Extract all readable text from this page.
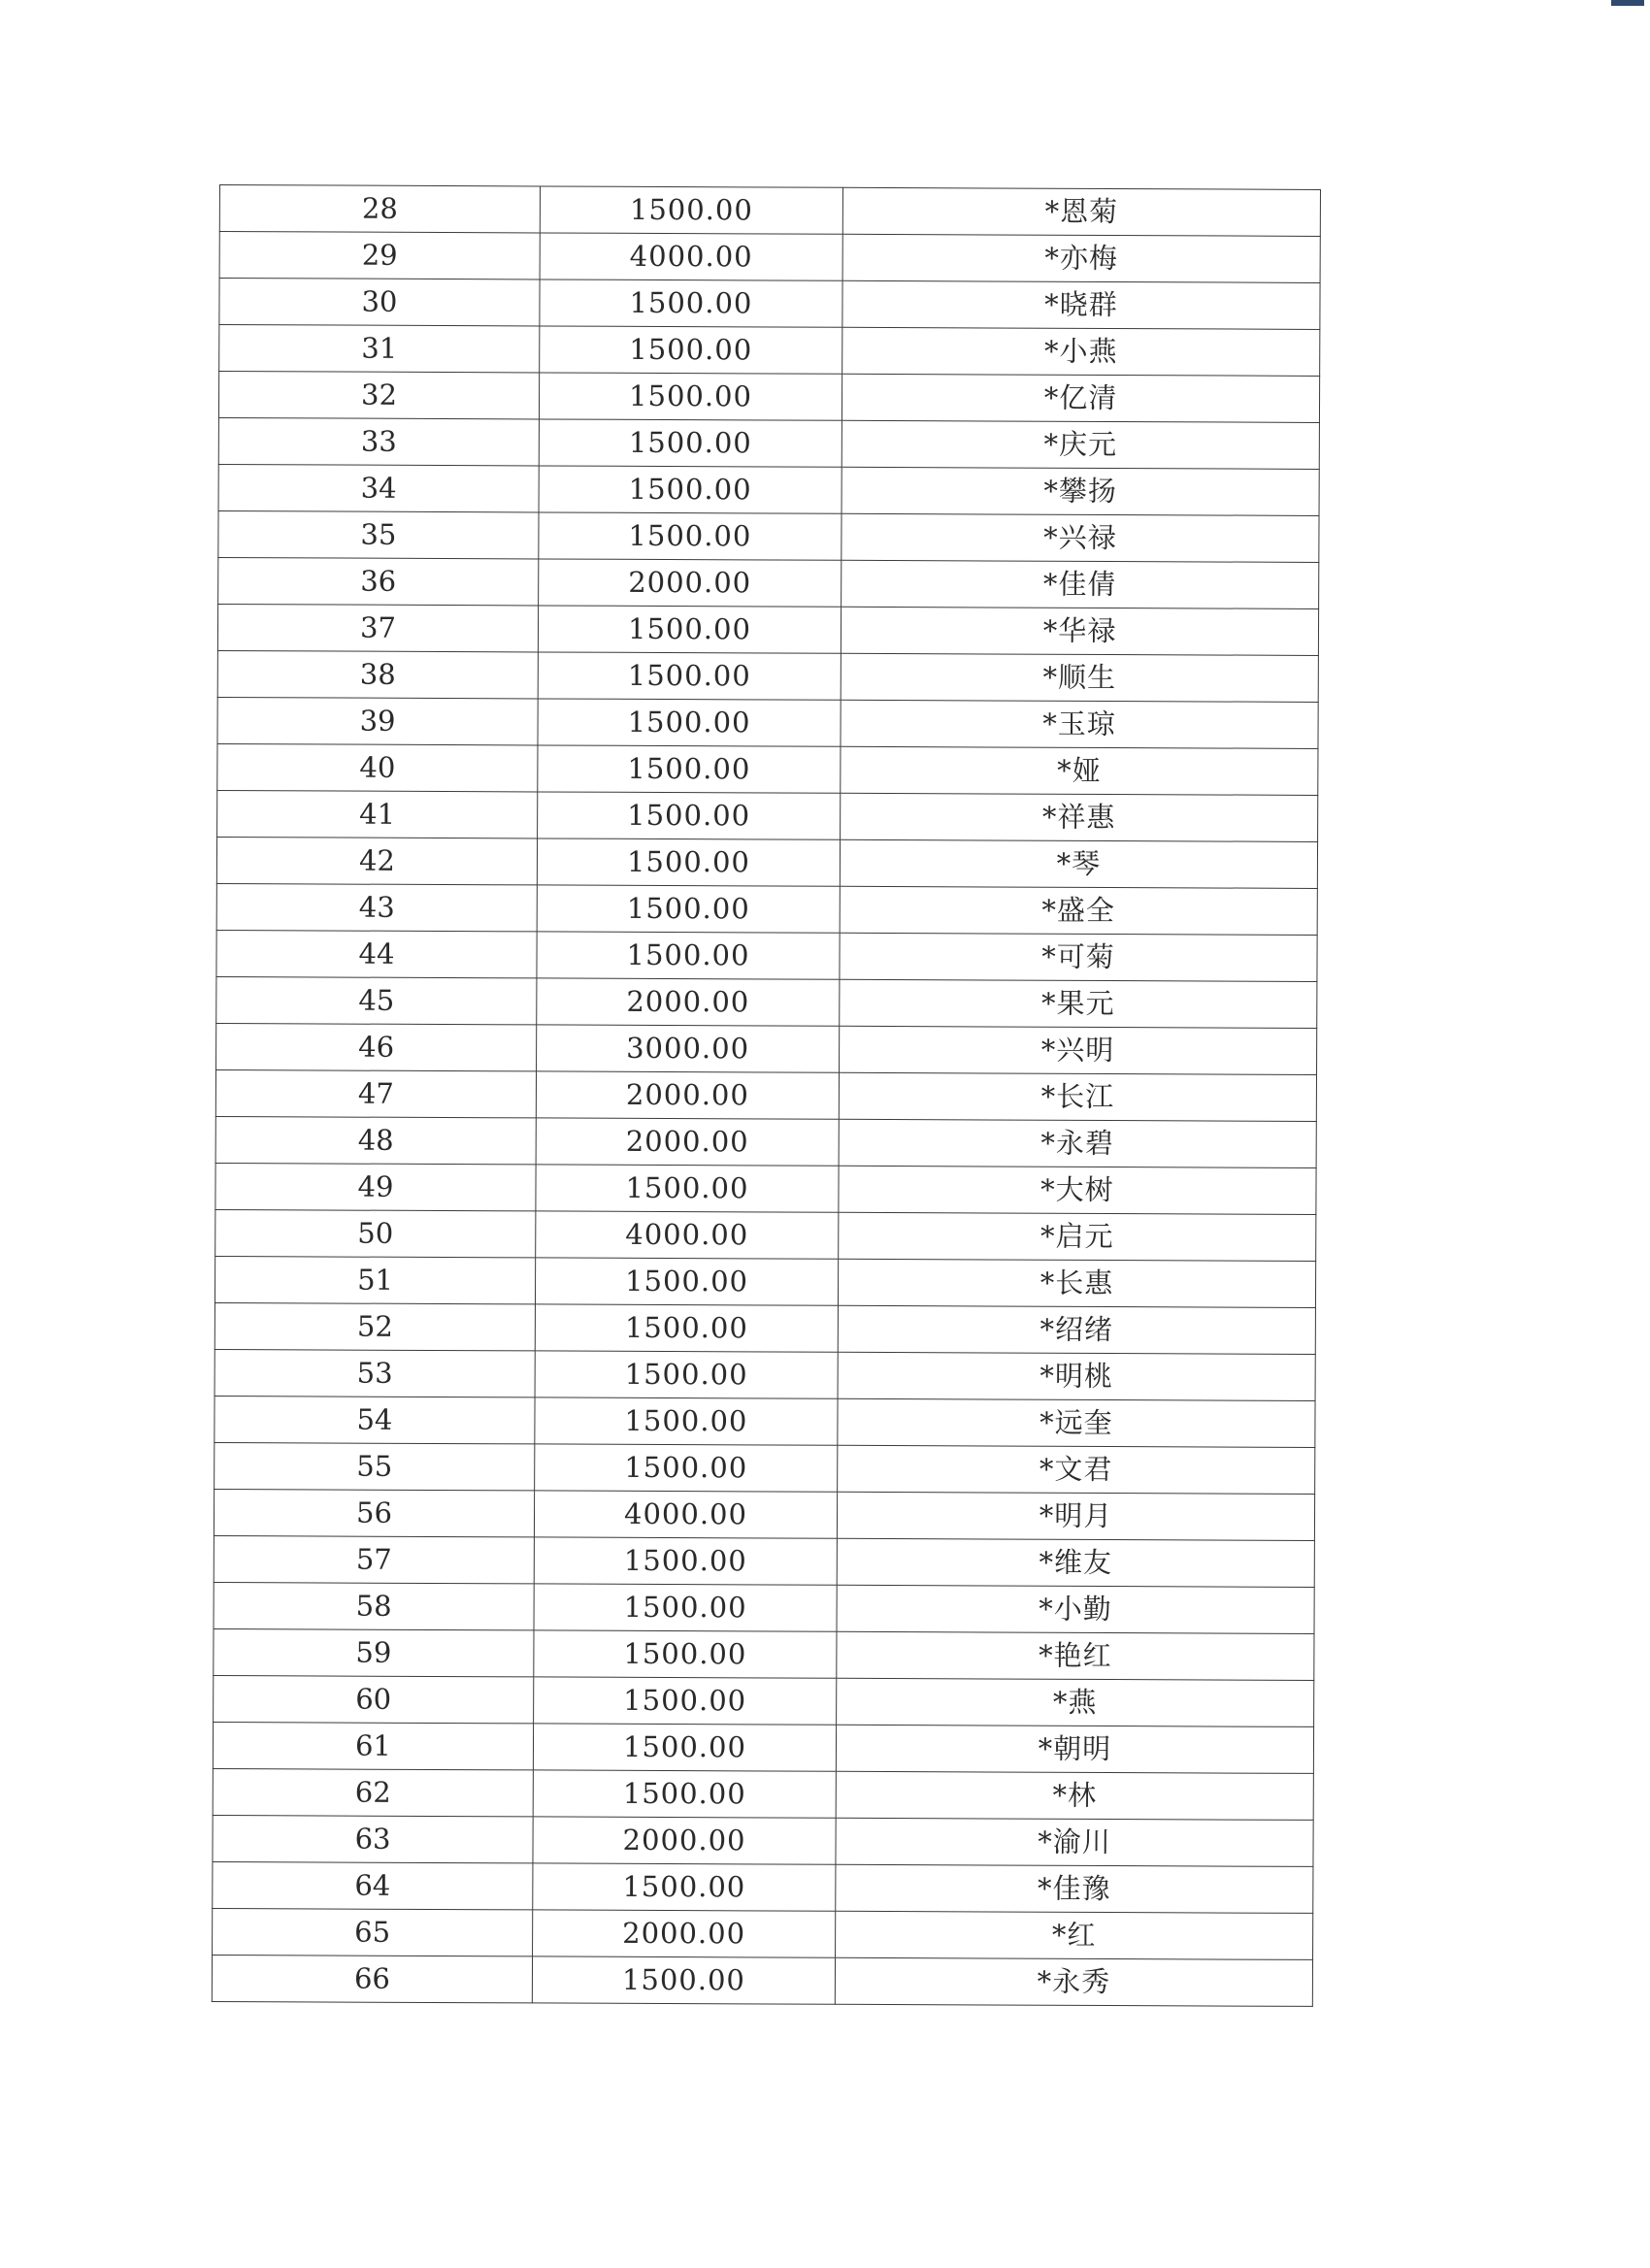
28	1500.00	*恩菊
29	4000.00	*亦梅
30	1500.00	*晓群
31	1500.00	*小燕
32	1500.00	*亿清
33	1500.00	*庆元
34	1500.00	*攀扬
35	1500.00	*兴禄
36	2000.00	*佳倩
37	1500.00	*华禄
38	1500.00	*顺生
39	1500.00	*玉琼
40	1500.00	*娅
41	1500.00	*祥惠
42	1500.00	*琴
43	1500.00	*盛全
44	1500.00	*可菊
45	2000.00	*果元
46	3000.00	*兴明
47	2000.00	*长江
48	2000.00	*永碧
49	1500.00	*大树
50	4000.00	*启元
51	1500.00	*长惠
52	1500.00	*绍绪
53	1500.00	*明桃
54	1500.00	*远奎
55	1500.00	*文君
56	4000.00	*明月
57	1500.00	*维友
58	1500.00	*小勤
59	1500.00	*艳红
60	1500.00	*燕
61	1500.00	*朝明
62	1500.00	*林
63	2000.00	*渝川
64	1500.00	*佳豫
65	2000.00	*红
66	1500.00	*永秀
